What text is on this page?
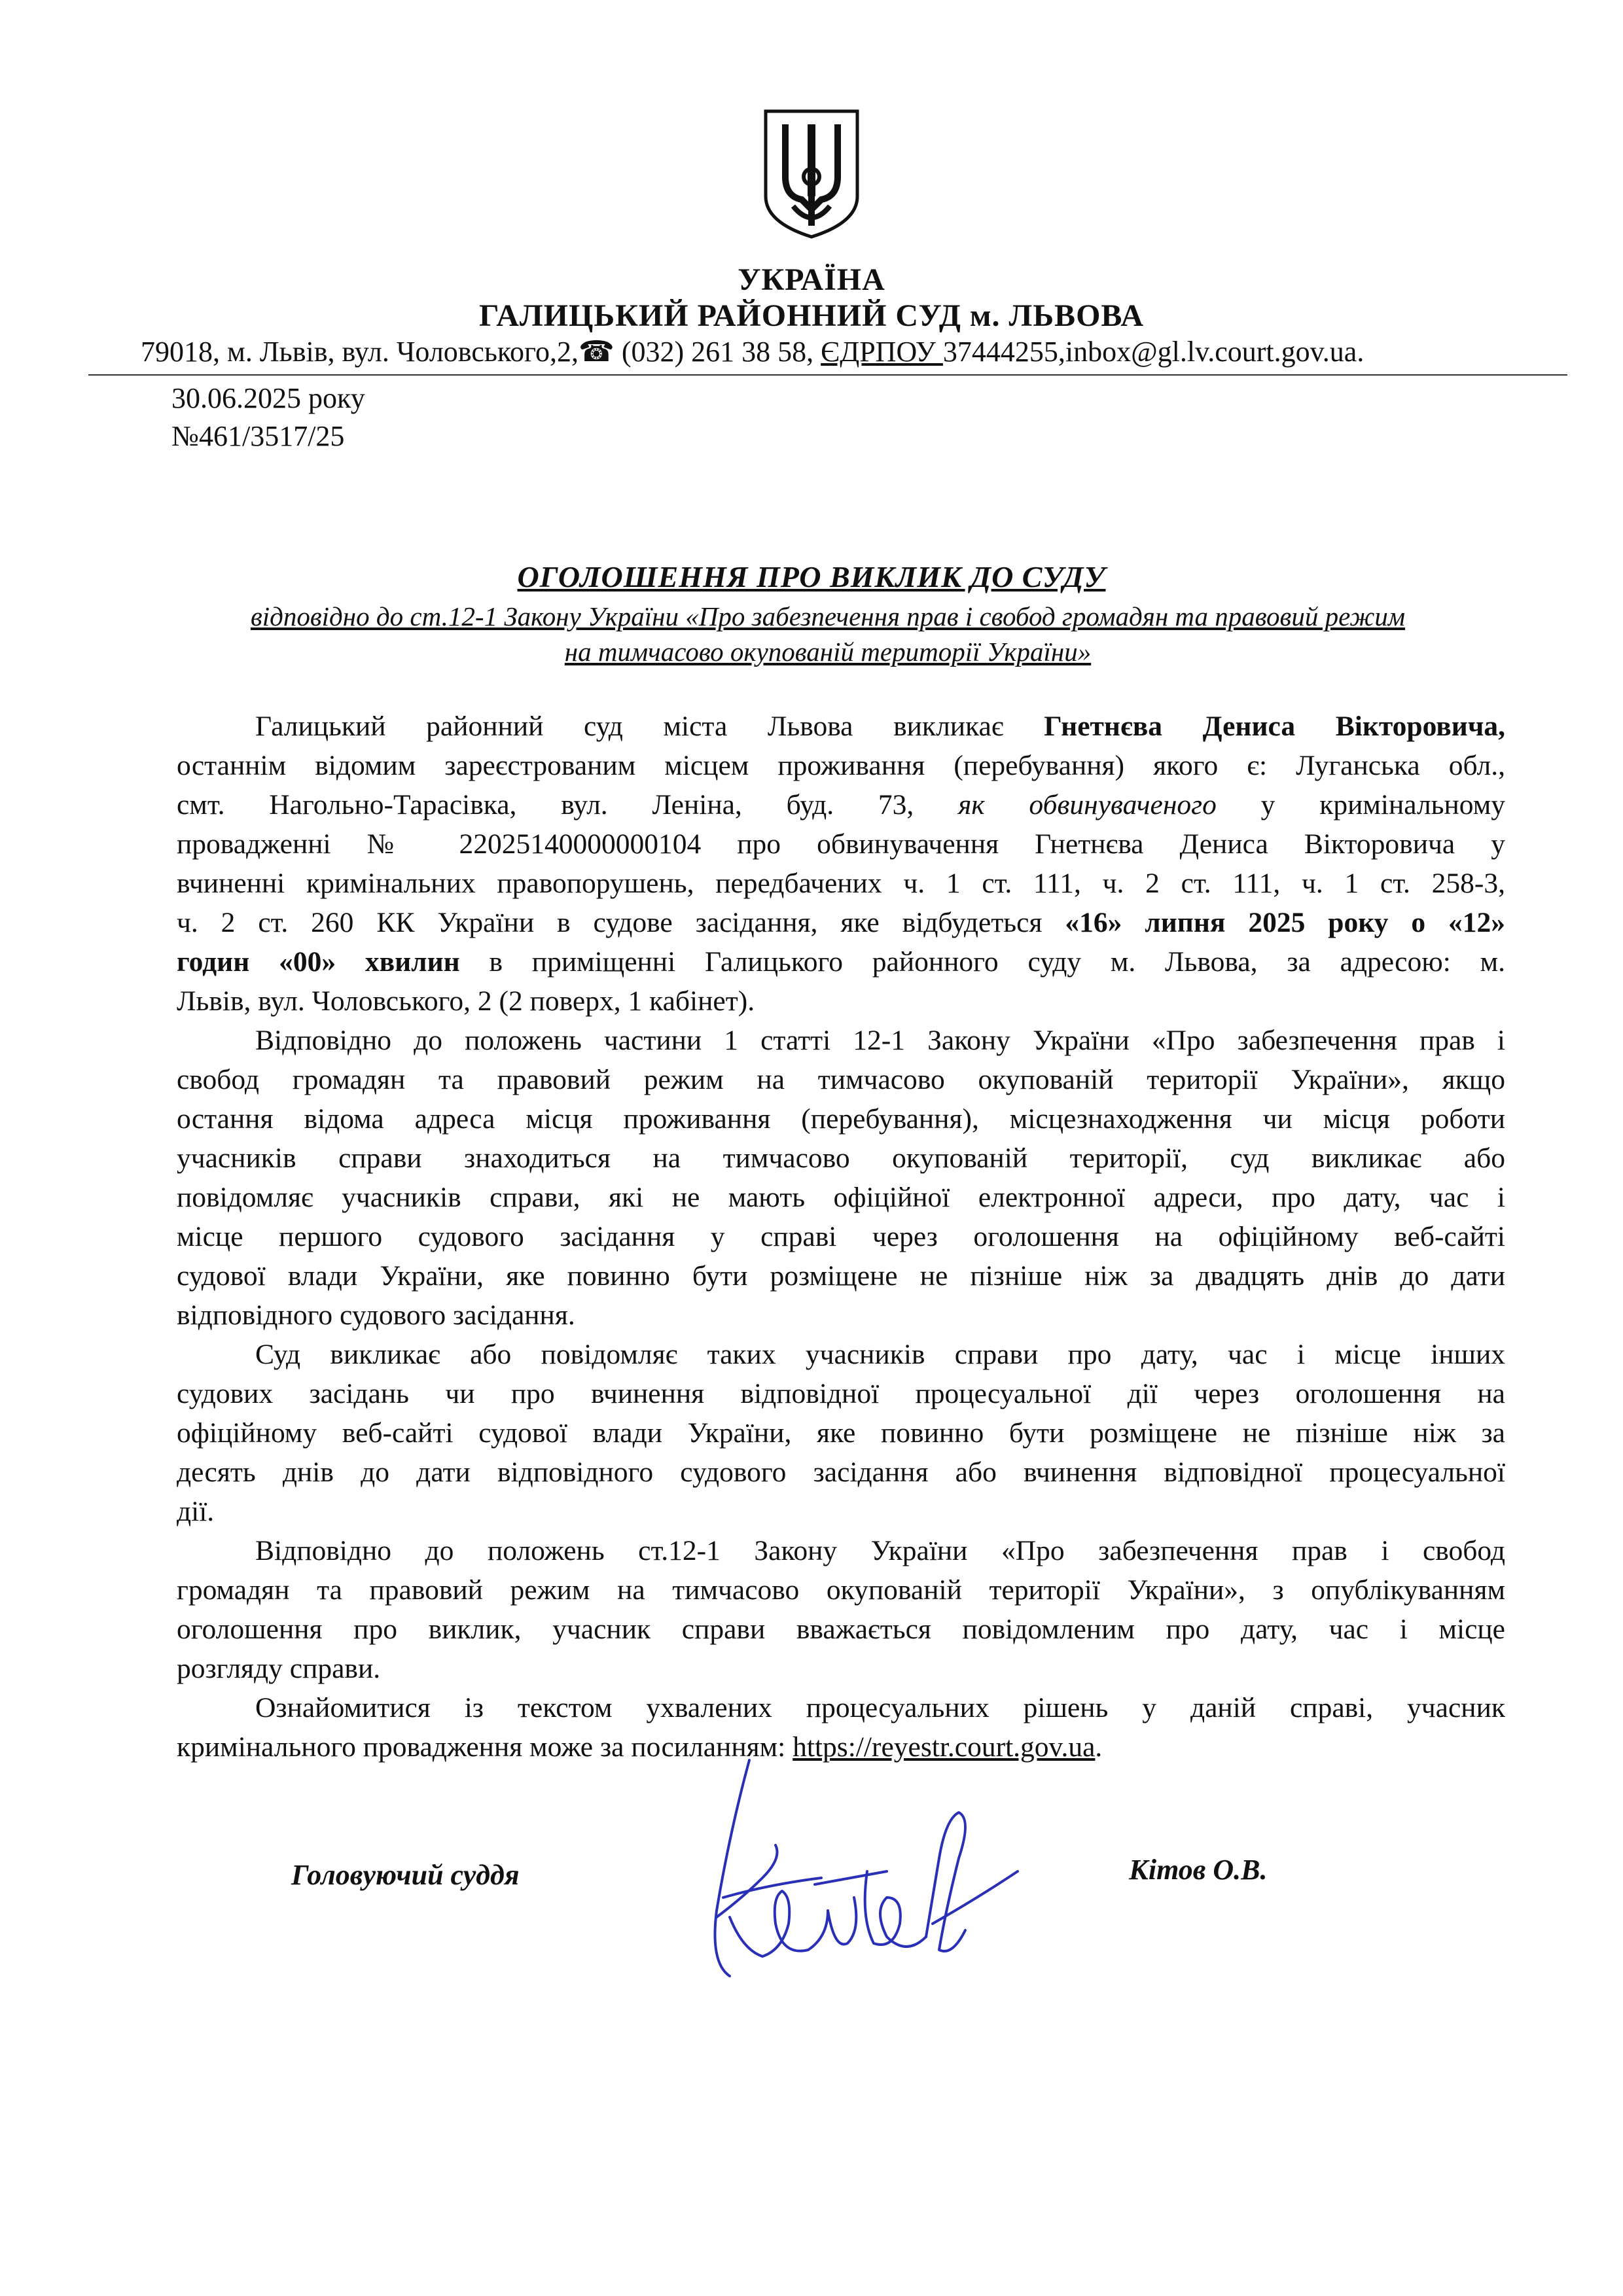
УКРАЇНА
ГАЛИЦЬКИЙ РАЙОННИЙ СУД м. ЛЬВОВА
79018, м. Львів, вул. Чоловського,2,☎ (032) 261 38 58, ЄДРПОУ 37444255,inbox@gl.lv.court.gov.ua.
30.06.2025 року
№461/3517/25
ОГОЛОШЕННЯ ПРО ВИКЛИК ДО СУДУ
відповідно до ст.12-1 Закону України «Про забезпечення прав і свобод громадян та правовий режим
на тимчасово окупованій території України»
Галицький районний суд міста Львова викликає Гнетнєва Дениса Вікторовича,
останнім відомим зареєстрованим місцем проживання (перебування) якого є: Луганська обл.,
смт. Нагольно-Тарасівка, вул. Леніна, буд. 73, як обвинуваченого у кримінальному
провадженні № 22025140000000104 про обвинувачення Гнетнєва Дениса Вікторовича у
вчиненні кримінальних правопорушень, передбачених ч. 1 ст. 111, ч. 2 ст. 111, ч. 1 ст. 258-3,
ч. 2 ст. 260 КК України в судове засідання, яке відбудеться «16» липня 2025 року о «12»
годин «00» хвилин в приміщенні Галицького районного суду м. Львова, за адресою: м.
Львів, вул. Чоловського, 2 (2 поверх, 1 кабінет).
Відповідно до положень частини 1 статті 12-1 Закону України «Про забезпечення прав і
свобод громадян та правовий режим на тимчасово окупованій території України», якщо
остання відома адреса місця проживання (перебування), місцезнаходження чи місця роботи
учасників справи знаходиться на тимчасово окупованій території, суд викликає або
повідомляє учасників справи, які не мають офіційної електронної адреси, про дату, час і
місце першого судового засідання у справі через оголошення на офіційному веб-сайті
судової влади України, яке повинно бути розміщене не пізніше ніж за двадцять днів до дати
відповідного судового засідання.
Суд викликає або повідомляє таких учасників справи про дату, час і місце інших
судових засідань чи про вчинення відповідної процесуальної дії через оголошення на
офіційному веб-сайті судової влади України, яке повинно бути розміщене не пізніше ніж за
десять днів до дати відповідного судового засідання або вчинення відповідної процесуальної
дії.
Відповідно до положень ст.12-1 Закону України «Про забезпечення прав і свобод
громадян та правовий режим на тимчасово окупованій території України», з опублікуванням
оголошення про виклик, учасник справи вважається повідомленим про дату, час і місце
розгляду справи.
Ознайомитися із текстом ухвалених процесуальних рішень у даній справі, учасник
кримінального провадження може за посиланням: https://reyestr.court.gov.ua.
Головуючий суддя	Кітов О.В.
